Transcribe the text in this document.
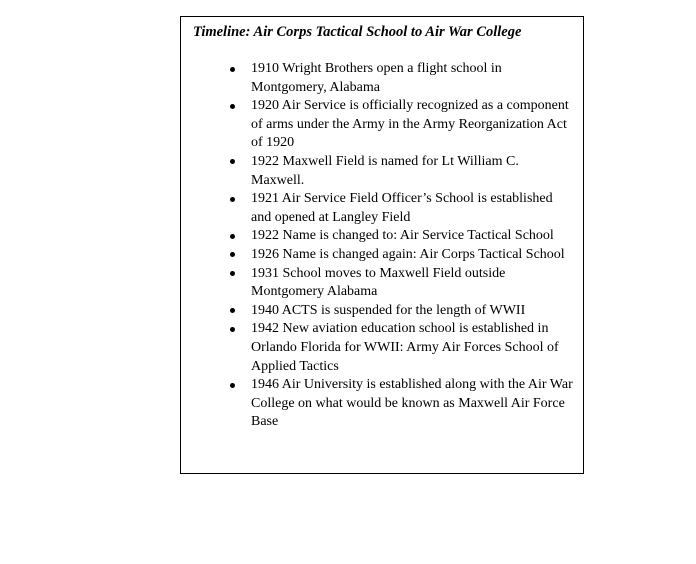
Timeline: Air Corps Tactical School to Air War College
1910 Wright Brothers open a flight school in Montgomery, Alabama
1920 Air Service is officially recognized as a component of arms under the Army in the Army Reorganization Act of 1920
1922 Maxwell Field is named for Lt William C. Maxwell.
1921 Air Service Field Officer’s School is established and opened at Langley Field
1922 Name is changed to: Air Service Tactical School
1926 Name is changed again: Air Corps Tactical School
1931 School moves to Maxwell Field outside Montgomery Alabama
1940 ACTS is suspended for the length of WWII
1942 New aviation education school is established in Orlando Florida for WWII: Army Air Forces School of Applied Tactics
1946 Air University is established along with the Air War College on what would be known as Maxwell Air Force Base
